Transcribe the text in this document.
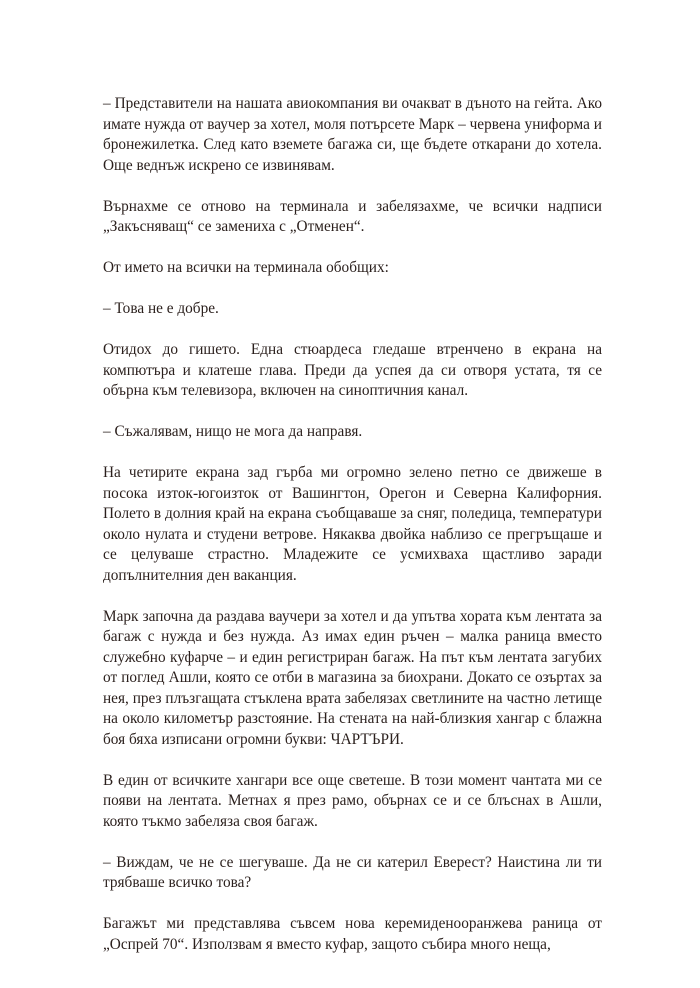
– Представители на нашата авиокомпания ви очакват в дъното на гейта. Ако имате нужда от ваучер за хотел, моля потърсете Марк – червена униформа и бронежилетка. След като вземете багажа си, ще бъдете откарани до хотела. Още веднъж искрено се извинявам.

Върнахме се отново на терминала и забелязахме, че всички надписи „Закъсняващ“ се замениха с „Отменен“.

От името на всички на терминала обобщих:

– Това не е добре.

Отидох до гишето. Една стюардеса гледаше втренчено в екрана на компютъра и клатеше глава. Преди да успея да си отворя устата, тя се обърна към телевизора, включен на синоптичния канал.

– Съжалявам, нищо не мога да направя.

На четирите екрана зад гърба ми огромно зелено петно се движеше в посока изток-югоизток от Вашингтон, Орегон и Северна Калифорния. Полето в долния край на екрана съобщаваше за сняг, поледица, температури около нулата и студени ветрове. Някаква двойка наблизо се прегръщаше и се целуваше страстно. Младежите се усмихваха щастливо заради допълнителния ден ваканция.

Марк започна да раздава ваучери за хотел и да упътва хората към лентата за багаж с нужда и без нужда. Аз имах един ръчен – малка раница вместо служебно куфарче – и един регистриран багаж. На път към лентата загубих от поглед Ашли, която се отби в магазина за биохрани. Докато се озъртах за нея, през плъзгащата стъклена врата забелязах светлините на частно летище на около километър разстояние. На стената на най-близкия хангар с блажна боя бяха изписани огромни букви: ЧАРТЪРИ.

В един от всичките хангари все още светеше. В този момент чантата ми се появи на лентата. Метнах я през рамо, обърнах се и се блъснах в Ашли, която тъкмо забеляза своя багаж.

– Виждам, че не се шегуваше. Да не си катерил Еверест? Наистина ли ти трябваше всичко това?

Багажът ми представлява съвсем нова керемиденооранжева раница от „Оспрей 70“. Използвам я вместо куфар, защото събира много неща,
